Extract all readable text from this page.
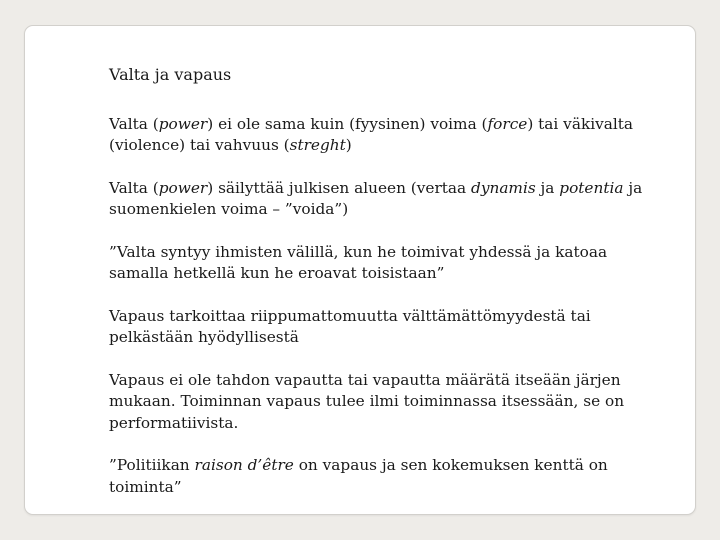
Valta ja vapaus
Valta (power) ei ole sama kuin (fyysinen) voima (force) tai väkivalta (violence) tai vahvuus (streght)
Valta (power) säilyttää julkisen alueen (vertaa dynamis ja potentia ja suomenkielen voima – ”voida”)
”Valta syntyy ihmisten välillä, kun he toimivat yhdessä ja katoaa samalla hetkellä kun he eroavat toisistaan”
Vapaus tarkoittaa riippumattomuutta välttämättömyydestä tai pelkästään hyödyllisestä
Vapaus ei ole tahdon vapautta tai vapautta määrätä itseään järjen mukaan. Toiminnan vapaus tulee ilmi toiminnassa itsessään, se on performatiivista.
”Politiikan raison d’être on vapaus ja sen kokemuksen kenttä on toiminta”
